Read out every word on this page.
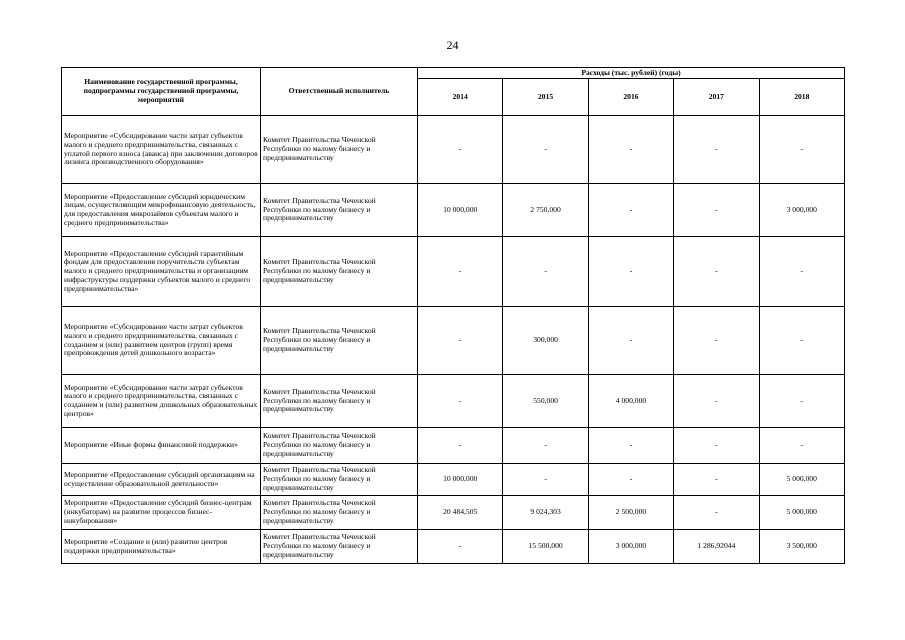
24
Наименование государственной программы, подпрограммы государственной программы, мероприятий	Ответственный исполнитель	Расходы (тыс. рублей) (годы)				
		2014	2015	2016	2017	2018
Мероприятие «Субсидирование части затрат субъектов малого и среднего предпринимательства, связанных с уплатой первого взноса (аванса) при заключении договоров лизинга производственного оборудования»	Комитет Правительства Чеченской Республики по малому бизнесу и предпринимательству	-	-	-	-	-
Мероприятие «Предоставление субсидий юридическим лицам, осуществляющим микрофинансовую деятельность, для предоставления микрозаймов субъектам малого и среднего предпринимательства»	Комитет Правительства Чеченской Республики по малому бизнесу и предпринимательству	10 000,000	2 750,000	-	-	3 000,000
Мероприятие «Предоставление субсидий гарантийным фондам для предоставления поручительств субъектам малого и среднего предпринимательства и организациям инфраструктуры поддержки субъектов малого и среднего предпринимательства»	Комитет Правительства Чеченской Республики по малому бизнесу и предпринимательству	-	-	-	-	-
Мероприятие «Субсидирование части затрат субъектов малого и среднего предпринимательства, связанных с созданием и (или) развитием центров (групп) время препровождения детей дошкольного возраста»	Комитет Правительства Чеченской Республики по малому бизнесу и предпринимательству	-	300,000	-	-	-
Мероприятие «Субсидирование части затрат субъектов малого и среднего предпринимательства, связанных с созданием и (или) развитием дошкольных образовательных центров»	Комитет Правительства Чеченской Республики по малому бизнесу и предпринимательству	-	550,000	4 000,000	-	-
Мероприятие «Иные формы финансовой поддержки»	Комитет Правительства Чеченской Республики по малому бизнесу и предпринимательству	-	-	-	-	-
Мероприятие «Предоставление субсидий организациям на осуществление образовательной деятельности»	Комитет Правительства Чеченской Республики по малому бизнесу и предпринимательству	10 000,000	-	-	-	5 000,000
Мероприятие «Предоставление субсидий бизнес-центрам (инкубаторам) на развитие процессов бизнес-инкубирования»	Комитет Правительства Чеченской Республики по малому бизнесу и предпринимательству	20 484,505	9 024,303	2 500,000	-	5 000,000
Мероприятие «Создание и (или) развитие центров поддержки предпринимательства»	Комитет Правительства Чеченской Республики по малому бизнесу и предпринимательству	-	15 500,000	3 000,000	1 286,92044	3 500,000
